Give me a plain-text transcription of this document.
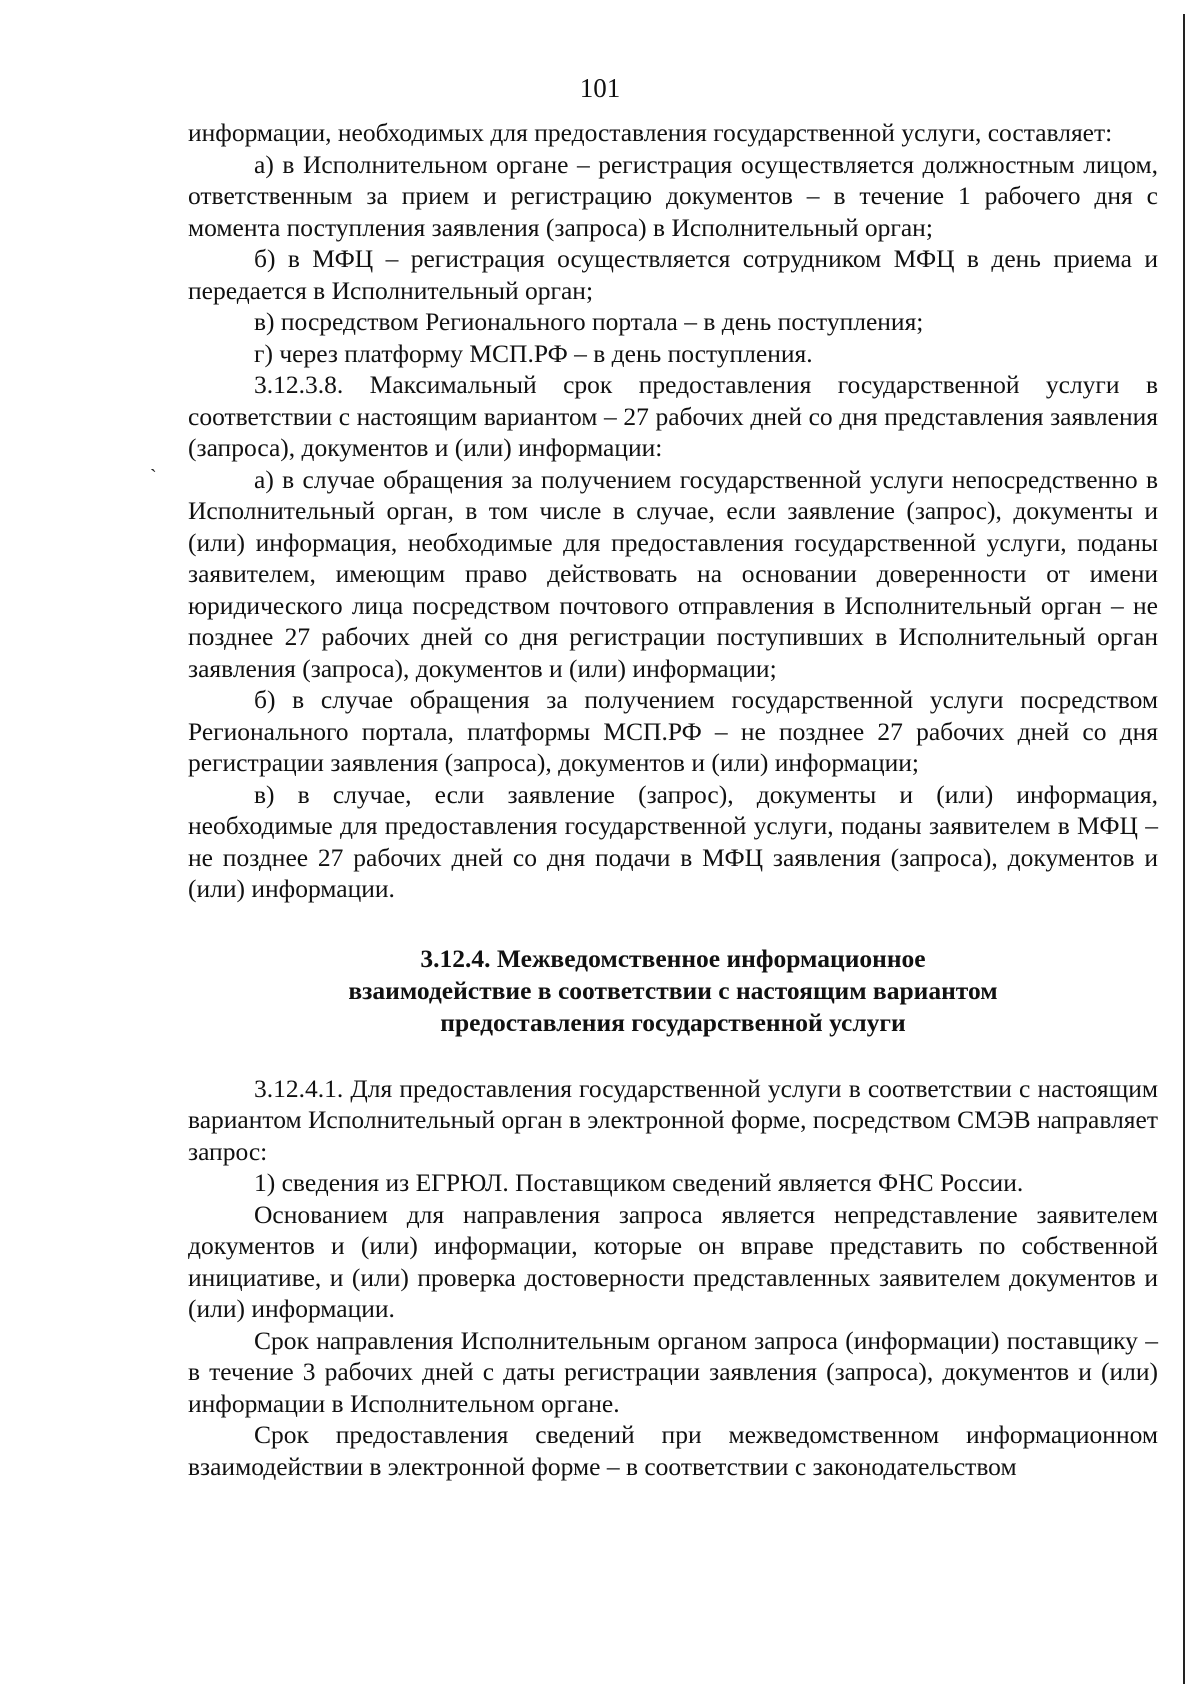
`
101

информации, необходимых для предоставления государственной услуги, составляет:

а) в Исполнительном органе – регистрация осуществляется должностным лицом, ответственным за прием и регистрацию документов – в течение 1 рабочего дня с момента поступления заявления (запроса) в Исполнительный орган;

б) в МФЦ – регистрация осуществляется сотрудником МФЦ в день приема и передается в Исполнительный орган;

в) посредством Регионального портала – в день поступления;

г) через платформу МСП.РФ – в день поступления.

3.12.3.8. Максимальный срок предоставления государственной услуги в соответствии с настоящим вариантом – 27 рабочих дней со дня представления заявления (запроса), документов и (или) информации:

а) в случае обращения за получением государственной услуги непосредственно в Исполнительный орган, в том числе в случае, если заявление (запрос), документы и (или) информация, необходимые для предоставления государственной услуги, поданы заявителем, имеющим право действовать на основании доверенности от имени юридического лица посредством почтового отправления в Исполнительный орган – не позднее 27 рабочих дней со дня регистрации поступивших в Исполнительный орган заявления (запроса), документов и (или) информации;

б) в случае обращения за получением государственной услуги посредством Регионального портала, платформы МСП.РФ – не позднее 27 рабочих дней со дня регистрации заявления (запроса), документов и (или) информации;

в) в случае, если заявление (запрос), документы и (или) информация, необходимые для предоставления государственной услуги, поданы заявителем в МФЦ – не позднее 27 рабочих дней со дня подачи в МФЦ заявления (запроса), документов и (или) информации.

3.12.4. Межведомственное информационное
взаимодействие в соответствии с настоящим вариантом
предоставления государственной услуги

3.12.4.1. Для предоставления государственной услуги в соответствии с настоящим вариантом Исполнительный орган в электронной форме, посредством СМЭВ направляет запрос:

1) сведения из ЕГРЮЛ. Поставщиком сведений является ФНС России.

Основанием для направления запроса является непредставление заявителем документов и (или) информации, которые он вправе представить по собственной инициативе, и (или) проверка достоверности представленных заявителем документов и (или) информации.

Срок направления Исполнительным органом запроса (информации) поставщику – в течение 3 рабочих дней с даты регистрации заявления (запроса), документов и (или) информации в Исполнительном органе.

Срок предоставления сведений при межведомственном информационном взаимодействии в электронной форме – в соответствии с законодательством
